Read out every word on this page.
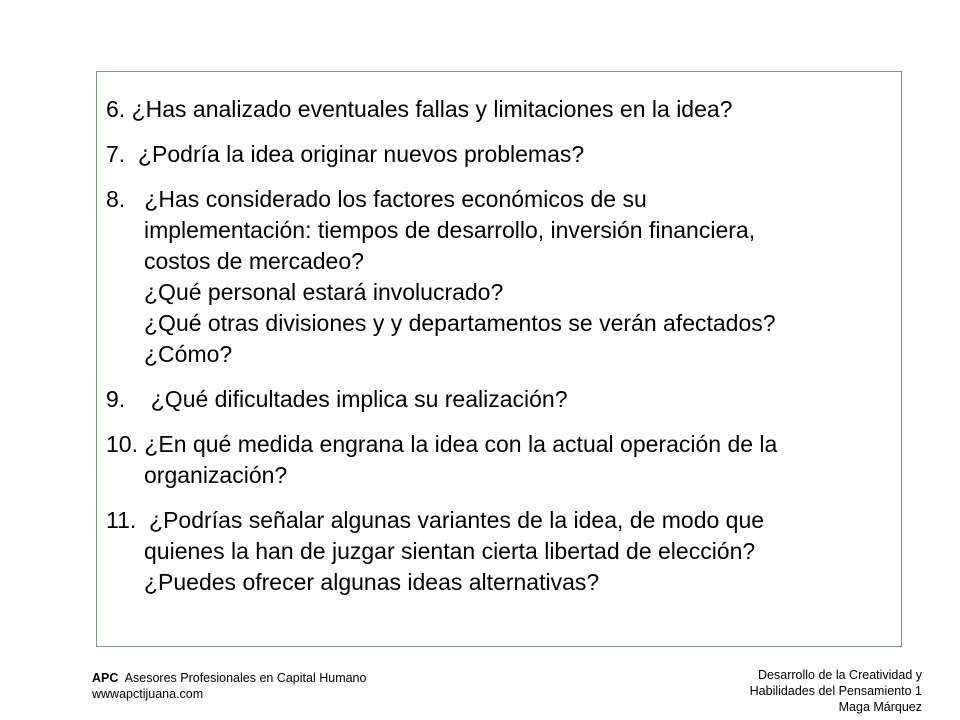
6. ¿Has analizado eventuales fallas y limitaciones en la idea?
7.  ¿Podría la idea originar nuevos problemas?
8.   ¿Has considerado los factores económicos de su
implementación: tiempos de desarrollo, inversión financiera,
costos de mercadeo?
¿Qué personal estará involucrado?
¿Qué otras divisiones y y departamentos se verán afectados?
¿Cómo?
9.    ¿Qué dificultades implica su realización?
10. ¿En qué medida engrana la idea con la actual operación de la
organización?
11.  ¿Podrías señalar algunas variantes de la idea, de modo que
quienes la han de juzgar sientan cierta libertad de elección?
¿Puedes ofrecer algunas ideas alternativas?
APC  Asesores Profesionales en Capital Humano
wwwapctijuana.com
Desarrollo de la Creatividad y
Habilidades del Pensamiento 1
Maga Márquez
